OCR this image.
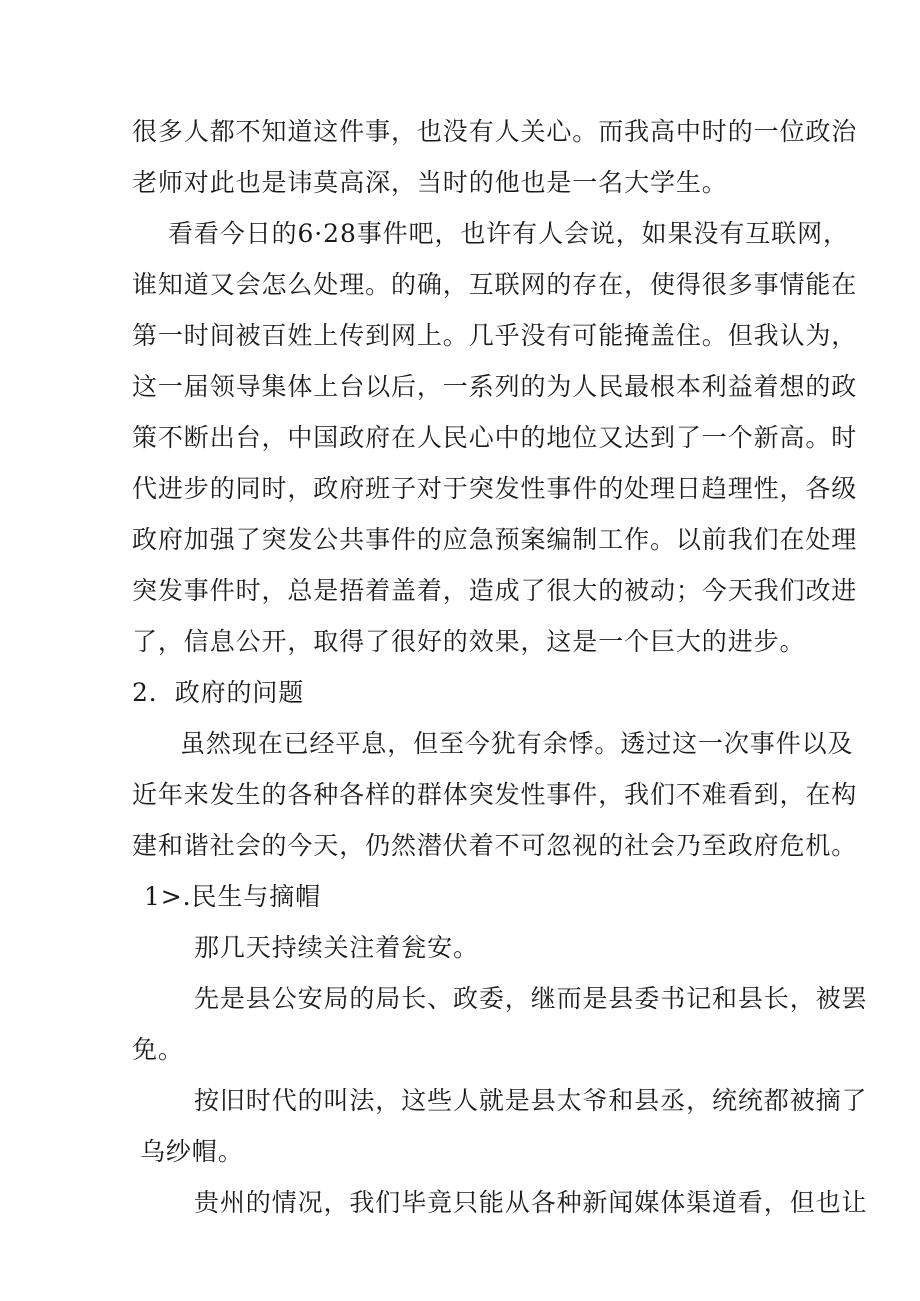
很多人都不知道这件事，也没有人关心。而我高中时的一位政治
老师对此也是讳莫高深，当时的他也是一名大学生。
看看今日的6·28事件吧，也许有人会说，如果没有互联网，
谁知道又会怎么处理。的确，互联网的存在，使得很多事情能在
第一时间被百姓上传到网上。几乎没有可能掩盖住。但我认为，
这一届领导集体上台以后，一系列的为人民最根本利益着想的政
策不断出台，中国政府在人民心中的地位又达到了一个新高。时
代进步的同时，政府班子对于突发性事件的处理日趋理性，各级
政府加强了突发公共事件的应急预案编制工作。以前我们在处理
突发事件时，总是捂着盖着，造成了很大的被动；今天我们改进
了，信息公开，取得了很好的效果，这是一个巨大的进步。
2．政府的问题
虽然现在已经平息，但至今犹有余悸。透过这一次事件以及
近年来发生的各种各样的群体突发性事件，我们不难看到，在构
建和谐社会的今天，仍然潜伏着不可忽视的社会乃至政府危机。
1>.民生与摘帽
那几天持续关注着瓮安。
先是县公安局的局长、政委，继而是县委书记和县长，被罢
免。
按旧时代的叫法，这些人就是县太爷和县丞，统统都被摘了
乌纱帽。
贵州的情况，我们毕竟只能从各种新闻媒体渠道看，但也让
